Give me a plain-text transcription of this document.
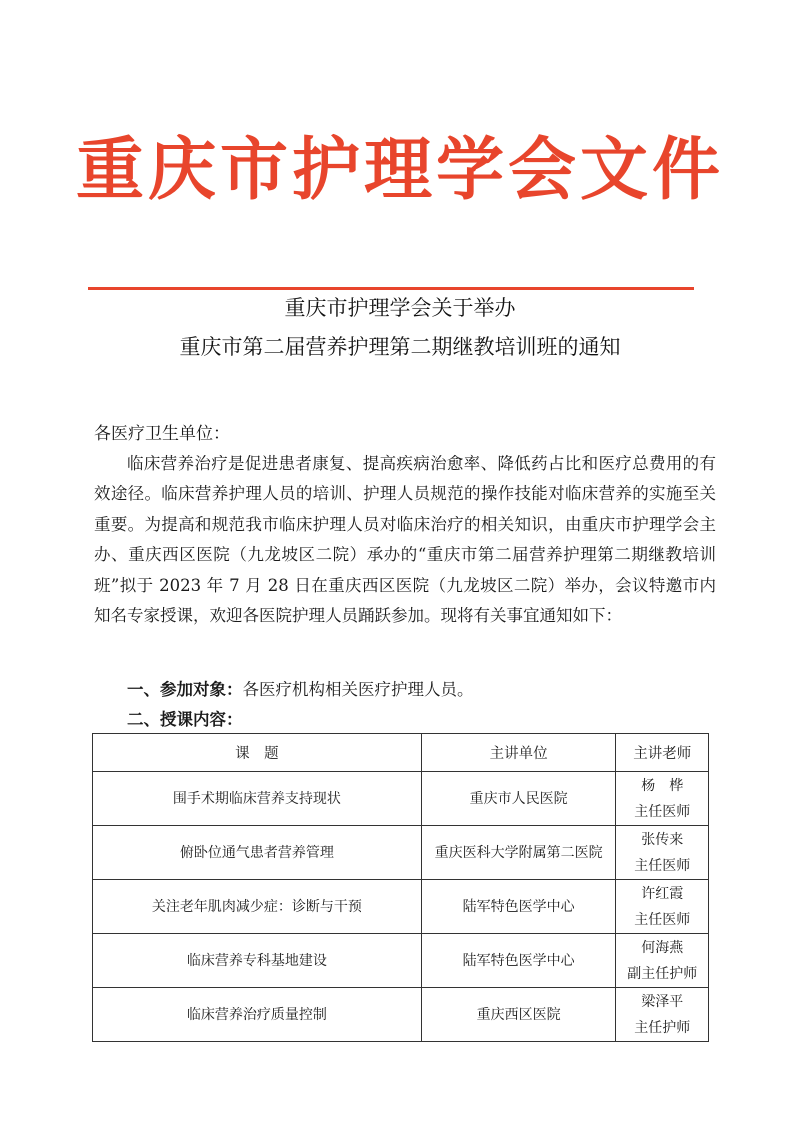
重庆市护理学会文件
重庆市护理学会关于举办
重庆市第二届营养护理第二期继教培训班的通知
各医疗卫生单位：

临床营养治疗是促进患者康复、提高疾病治愈率、降低药占比和医疗总费用的有效途径。临床营养护理人员的培训、护理人员规范的操作技能对临床营养的实施至关重要。为提高和规范我市临床护理人员对临床治疗的相关知识，由重庆市护理学会主办、重庆西区医院（九龙坡区二院）承办的“重庆市第二届营养护理第二期继教培训班”拟于 2023 年 7 月 28 日在重庆西区医院（九龙坡区二院）举办，会议特邀市内知名专家授课，欢迎各医院护理人员踊跃参加。现将有关事宜通知如下：

一、参加对象：各医疗机构相关医疗护理人员。
二、授课内容：
课　题	主讲单位	主讲老师
围手术期临床营养支持现状	重庆市人民医院	杨　桦
主任医师

俯卧位通气患者营养管理	重庆医科大学附属第二医院	张传来
主任医师

关注老年肌肉减少症：诊断与干预	陆军特色医学中心	许红霞
主任医师

临床营养专科基地建设	陆军特色医学中心	何海燕
副主任护师

临床营养治疗质量控制	重庆西区医院	梁泽平
主任护师
